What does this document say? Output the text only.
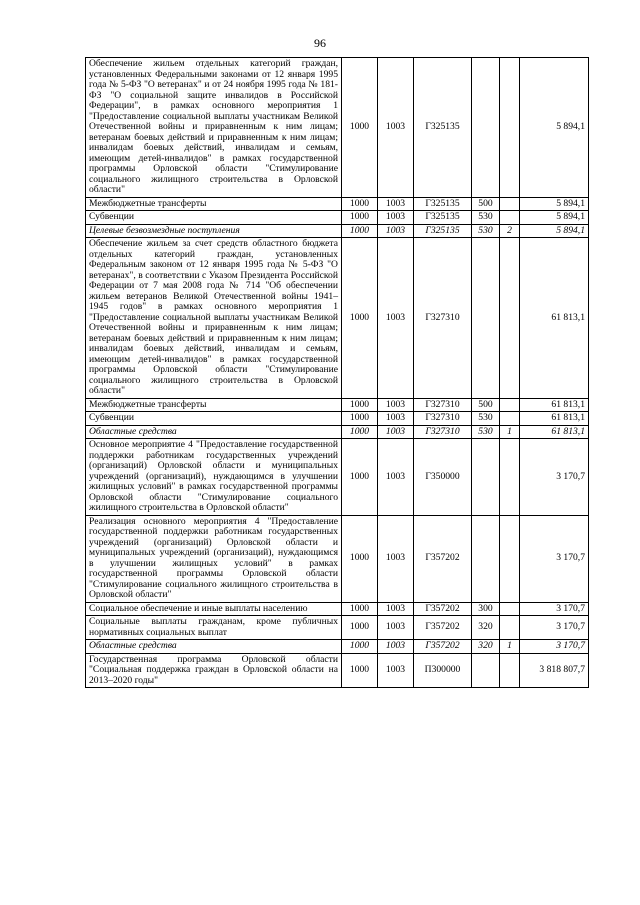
96
Обеспечение жильем отдельных категорий граждан, установленных Федеральными законами от 12 января 1995 года № 5-ФЗ "О ветеранах" и от 24 ноября 1995 года № 181-ФЗ "О социальной защите инвалидов в Российской Федерации", в рамках основного мероприятия 1 "Предоставление социальной выплаты участникам Великой Отечественной войны и приравненным к ним лицам; ветеранам боевых действий и приравненным к ним лицам; инвалидам боевых действий, инвалидам и семьям, имеющим детей-инвалидов" в рамках государственной программы Орловской области "Стимулирование социального жилищного строительства в Орловской области"	1000	1003	Г325135			5 894,1
Межбюджетные трансферты	1000	1003	Г325135	500		5 894,1
Субвенции	1000	1003	Г325135	530		5 894,1
Целевые безвозмездные поступления	1000	1003	Г325135	530	2	5 894,1
Обеспечение жильем за счет средств областного бюджета отдельных категорий граждан, установленных Федеральным законом от 12 января 1995 года № 5-ФЗ "О ветеранах", в соответствии с Указом Президента Российской Федерации от 7 мая 2008 года № 714 "Об обеспечении жильем ветеранов Великой Отечественной войны 1941–1945 годов" в рамках основного мероприятия 1 "Предоставление социальной выплаты участникам Великой Отечественной войны и приравненным к ним лицам; ветеранам боевых действий и приравненным к ним лицам; инвалидам боевых действий, инвалидам и семьям, имеющим детей-инвалидов" в рамках государственной программы Орловской области "Стимулирование социального жилищного строительства в Орловской области"	1000	1003	Г327310			61 813,1
Межбюджетные трансферты	1000	1003	Г327310	500		61 813,1
Субвенции	1000	1003	Г327310	530		61 813,1
Областные средства	1000	1003	Г327310	530	1	61 813,1
Основное мероприятие 4 "Предоставление государственной поддержки работникам государственных учреждений (организаций) Орловской области и муниципальных учреждений (организаций), нуждающимся в улучшении жилищных условий" в рамках государственной программы Орловской области "Стимулирование социального жилищного строительства в Орловской области"	1000	1003	Г350000			3 170,7
Реализация основного мероприятия 4 "Предоставление государственной поддержки работникам государственных учреждений (организаций) Орловской области и муниципальных учреждений (организаций), нуждающимся в улучшении жилищных условий" в рамках государственной программы Орловской области "Стимулирование социального жилищного строительства в Орловской области"	1000	1003	Г357202			3 170,7
Социальное обеспечение и иные выплаты населению	1000	1003	Г357202	300		3 170,7
Социальные выплаты гражданам, кроме публичных нормативных социальных выплат	1000	1003	Г357202	320		3 170,7
Областные средства	1000	1003	Г357202	320	1	3 170,7
Государственная программа Орловской области "Социальная поддержка граждан в Орловской области на 2013–2020 годы"	1000	1003	П300000			3 818 807,7
